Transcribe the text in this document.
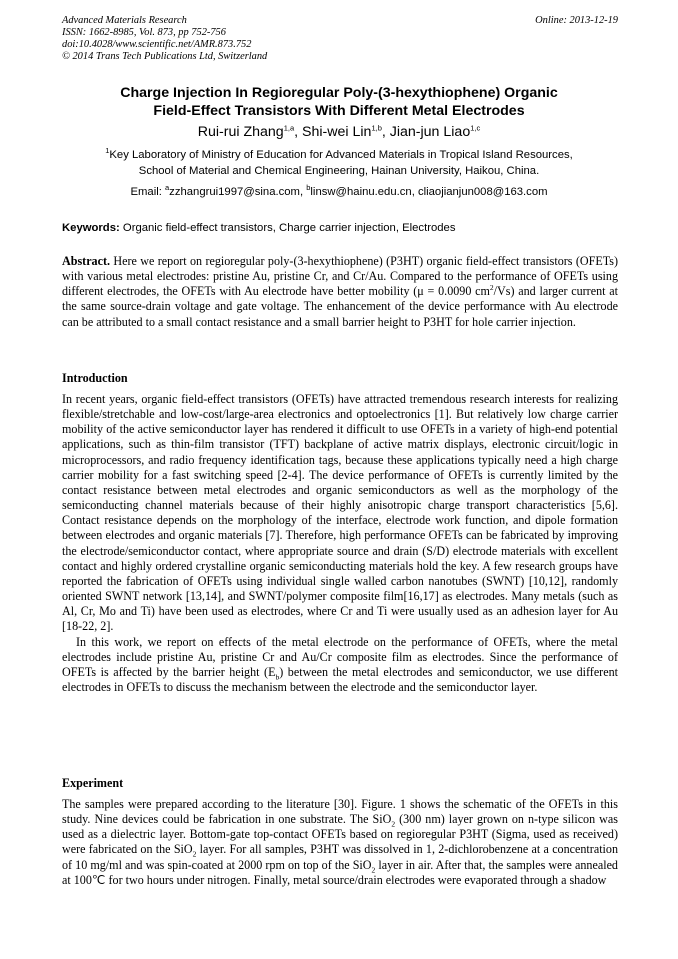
Advanced Materials Research
ISSN: 1662-8985, Vol. 873, pp 752-756
doi:10.4028/www.scientific.net/AMR.873.752
© 2014 Trans Tech Publications Ltd, Switzerland
Online: 2013-12-19
Charge Injection In Regioregular Poly-(3-hexythiophene) Organic
Field-Effect Transistors With Different Metal Electrodes
Rui-rui Zhang$^{1,a}$, Shi-wei Lin$^{1,b}$, Jian-jun Liao$^{1,c}$
$^1$Key Laboratory of Ministry of Education for Advanced Materials in Tropical Island Resources,
School of Material and Chemical Engineering, Hainan University, Haikou, China.
Email: $^a$zzhangrui1997@sina.com, $^b$linsw@hainu.edu.cn, cliaojianjun008@163.com
Keywords: Organic field-effect transistors, Charge carrier injection, Electrodes
Abstract. Here we report on regioregular poly-(3-hexythiophene) (P3HT) organic field-effect transistors (OFETs) with various metal electrodes: pristine Au, pristine Cr, and Cr/Au. Compared to the performance of OFETs using different electrodes, the OFETs with Au electrode have better mobility (μ = 0.0090 $cm^2/Vs$) and larger current at the same source-drain voltage and gate voltage. The enhancement of the device performance with Au electrode can be attributed to a small contact resistance and a small barrier height to P3HT for hole carrier injection.
Introduction
In recent years, organic field-effect transistors (OFETs) have attracted tremendous research interests for realizing flexible/stretchable and low-cost/large-area electronics and optoelectronics [1]. But relatively low charge carrier mobility of the active semiconductor layer has rendered it difficult to use OFETs in a variety of high-end potential applications, such as thin-film transistor (TFT) backplane of active matrix displays, electronic circuit/logic in microprocessors, and radio frequency identification tags, because these applications typically need a high charge carrier mobility for a fast switching speed [2-4]. The device performance of OFETs is currently limited by the contact resistance between metal electrodes and organic semiconductors as well as the morphology of the semiconducting channel materials because of their highly anisotropic charge transport characteristics [5,6]. Contact resistance depends on the morphology of the interface, electrode work function, and dipole formation between electrodes and organic materials [7]. Therefore, high performance OFETs can be fabricated by improving the electrode/semiconductor contact, where appropriate source and drain (S/D) electrode materials with excellent contact and highly ordered crystalline organic semiconducting materials hold the key. A few research groups have reported the fabrication of OFETs using individual single walled carbon nanotubes (SWNT) [10,12], randomly oriented SWNT network [13,14], and SWNT/polymer composite film[16,17] as electrodes. Many metals (such as Al, Cr, Mo and Ti) have been used as electrodes, where Cr and Ti were usually used as an adhesion layer for Au [18-22, 2].
In this work, we report on effects of the metal electrode on the performance of OFETs, where the metal electrodes include pristine Au, pristine Cr and Au/Cr composite film as electrodes. Since the performance of OFETs is affected by the barrier height $(E_b)$ between the metal electrodes and semiconductor, we use different electrodes in OFETs to discuss the mechanism between the electrode and the semiconductor layer.
Experiment
The samples were prepared according to the literature [30]. Figure. 1 shows the schematic of the OFETs in this study. Nine devices could be fabrication in one substrate. The SiO$_2$ (300 nm) layer grown on n-type silicon was used as a dielectric layer. Bottom-gate top-contact OFETs based on regioregular P3HT (Sigma, used as received) were fabricated on the SiO$_2$ layer. For all samples, P3HT was dissolved in 1, 2-dichlorobenzene at a concentration of 10 mg/ml and was spin-coated at 2000 rpm on top of the SiO$_2$ layer in air. After that, the samples were annealed at 100℃ for two hours under nitrogen. Finally, metal source/drain electrodes were evaporated through a shadow
